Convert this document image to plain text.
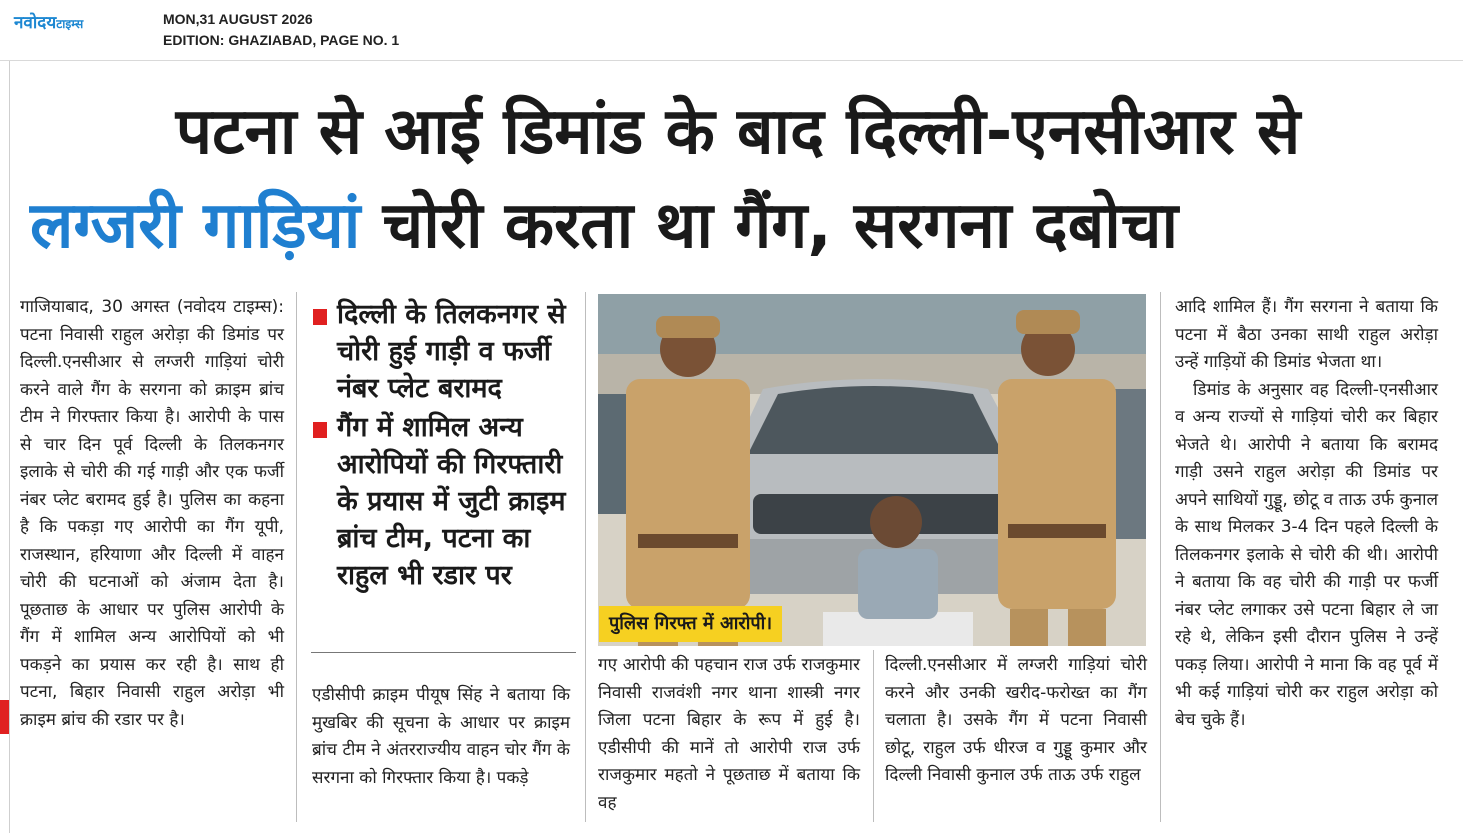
नवोदयटाइम्स	MON,31 AUGUST 2026
EDITION: GHAZIABAD, PAGE NO. 1
पटना से आई डिमांड के बाद दिल्ली-एनसीआर से
लग्जरी गाड़ियां चोरी करता था गैंग, सरगना दबोचा

गाजियाबाद, 30 अगस्त (नवोदय टाइम्स): पटना निवासी राहुल अरोड़ा की डिमांड पर दिल्ली.एनसीआर से लग्जरी गाड़ियां चोरी करने वाले गैंग के सरगना को क्राइम ब्रांच टीम ने गिरफ्तार किया है। आरोपी के पास से चार दिन पूर्व दिल्ली के तिलकनगर इलाके से चोरी की गई गाड़ी और एक फर्जी नंबर प्लेट बरामद हुई है। पुलिस का कहना है कि पकड़ा गए आरोपी का गैंग यूपी, राजस्थान, हरियाणा और दिल्ली में वाहन चोरी की घटनाओं को अंजाम देता है। पूछताछ के आधार पर पुलिस आरोपी के गैंग में शामिल अन्य आरोपियों को भी पकड़ने का प्रयास कर रही है। साथ ही पटना, बिहार निवासी राहुल अरोड़ा भी क्राइम ब्रांच की रडार पर है।

दिल्ली के तिलकनगर से चोरी हुई गाड़ी व फर्जी नंबर प्लेट बरामद
गैंग में शामिल अन्य आरोपियों की गिरफ्तारी के प्रयास में जुटी क्राइम ब्रांच टीम, पटना का राहुल भी रडार पर

एडीसीपी क्राइम पीयूष सिंह ने बताया कि मुखबिर की सूचना के आधार पर क्राइम ब्रांच टीम ने अंतरराज्यीय वाहन चोर गैंग के सरगना को गिरफ्तार किया है। पकड़े

पुलिस गिरफ्त में आरोपी।

गए आरोपी की पहचान राज उर्फ राजकुमार निवासी राजवंशी नगर थाना शास्त्री नगर जिला पटना बिहार के रूप में हुई है। एडीसीपी की मानें तो आरोपी राज उर्फ राजकुमार महतो ने पूछताछ में बताया कि वह

दिल्ली.एनसीआर में लग्जरी गाड़ियां चोरी करने और उनकी खरीद-फरोख्त का गैंग चलाता है। उसके गैंग में पटना निवासी छोटू, राहुल उर्फ धीरज व गुड्डू कुमार और दिल्ली निवासी कुनाल उर्फ ताऊ उर्फ राहुल

आदि शामिल हैं। गैंग सरगना ने बताया कि पटना में बैठा उनका साथी राहुल अरोड़ा उन्हें गाड़ियों की डिमांड भेजता था।

डिमांड के अनुसार वह दिल्ली-एनसीआर व अन्य राज्यों से गाड़ियां चोरी कर बिहार भेजते थे। आरोपी ने बताया कि बरामद गाड़ी उसने राहुल अरोड़ा की डिमांड पर अपने साथियों गुड्डू, छोटू व ताऊ उर्फ कुनाल के साथ मिलकर 3-4 दिन पहले दिल्ली के तिलकनगर इलाके से चोरी की थी। आरोपी ने बताया कि वह चोरी की गाड़ी पर फर्जी नंबर प्लेट लगाकर उसे पटना बिहार ले जा रहे थे, लेकिन इसी दौरान पुलिस ने उन्हें पकड़ लिया। आरोपी ने माना कि वह पूर्व में भी कई गाड़ियां चोरी कर राहुल अरोड़ा को बेच चुके हैं।
